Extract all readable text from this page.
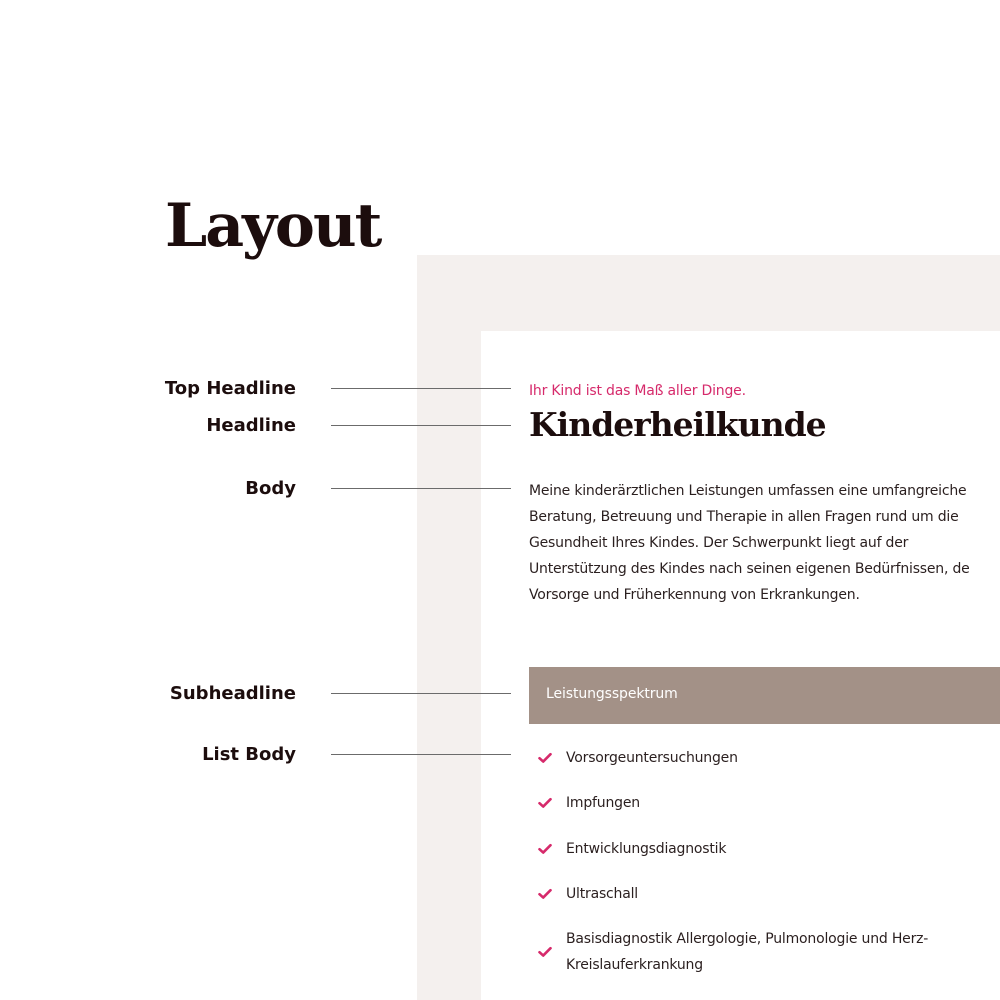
Layout
Ihr Kind ist das Maß aller Dinge.
Kinderheilkunde
Meine kinderärztlichen Leistungen umfassen eine umfangreiche
Beratung, Betreuung und Therapie in allen Fragen rund um die
Gesundheit Ihres Kindes. Der Schwerpunkt liegt auf der
Unterstützung des Kindes nach seinen eigenen Bedürfnissen, de
Vorsorge und Früherkennung von Erkrankungen.
Leistungsspektrum
Vorsorgeuntersuchungen
Impfungen
Entwicklungsdiagnostik
Ultraschall
Basisdiagnostik Allergologie, Pulmonologie und Herz-Kreislauferkrankung
Top Headline
Headline
Body
Subheadline
List Body
